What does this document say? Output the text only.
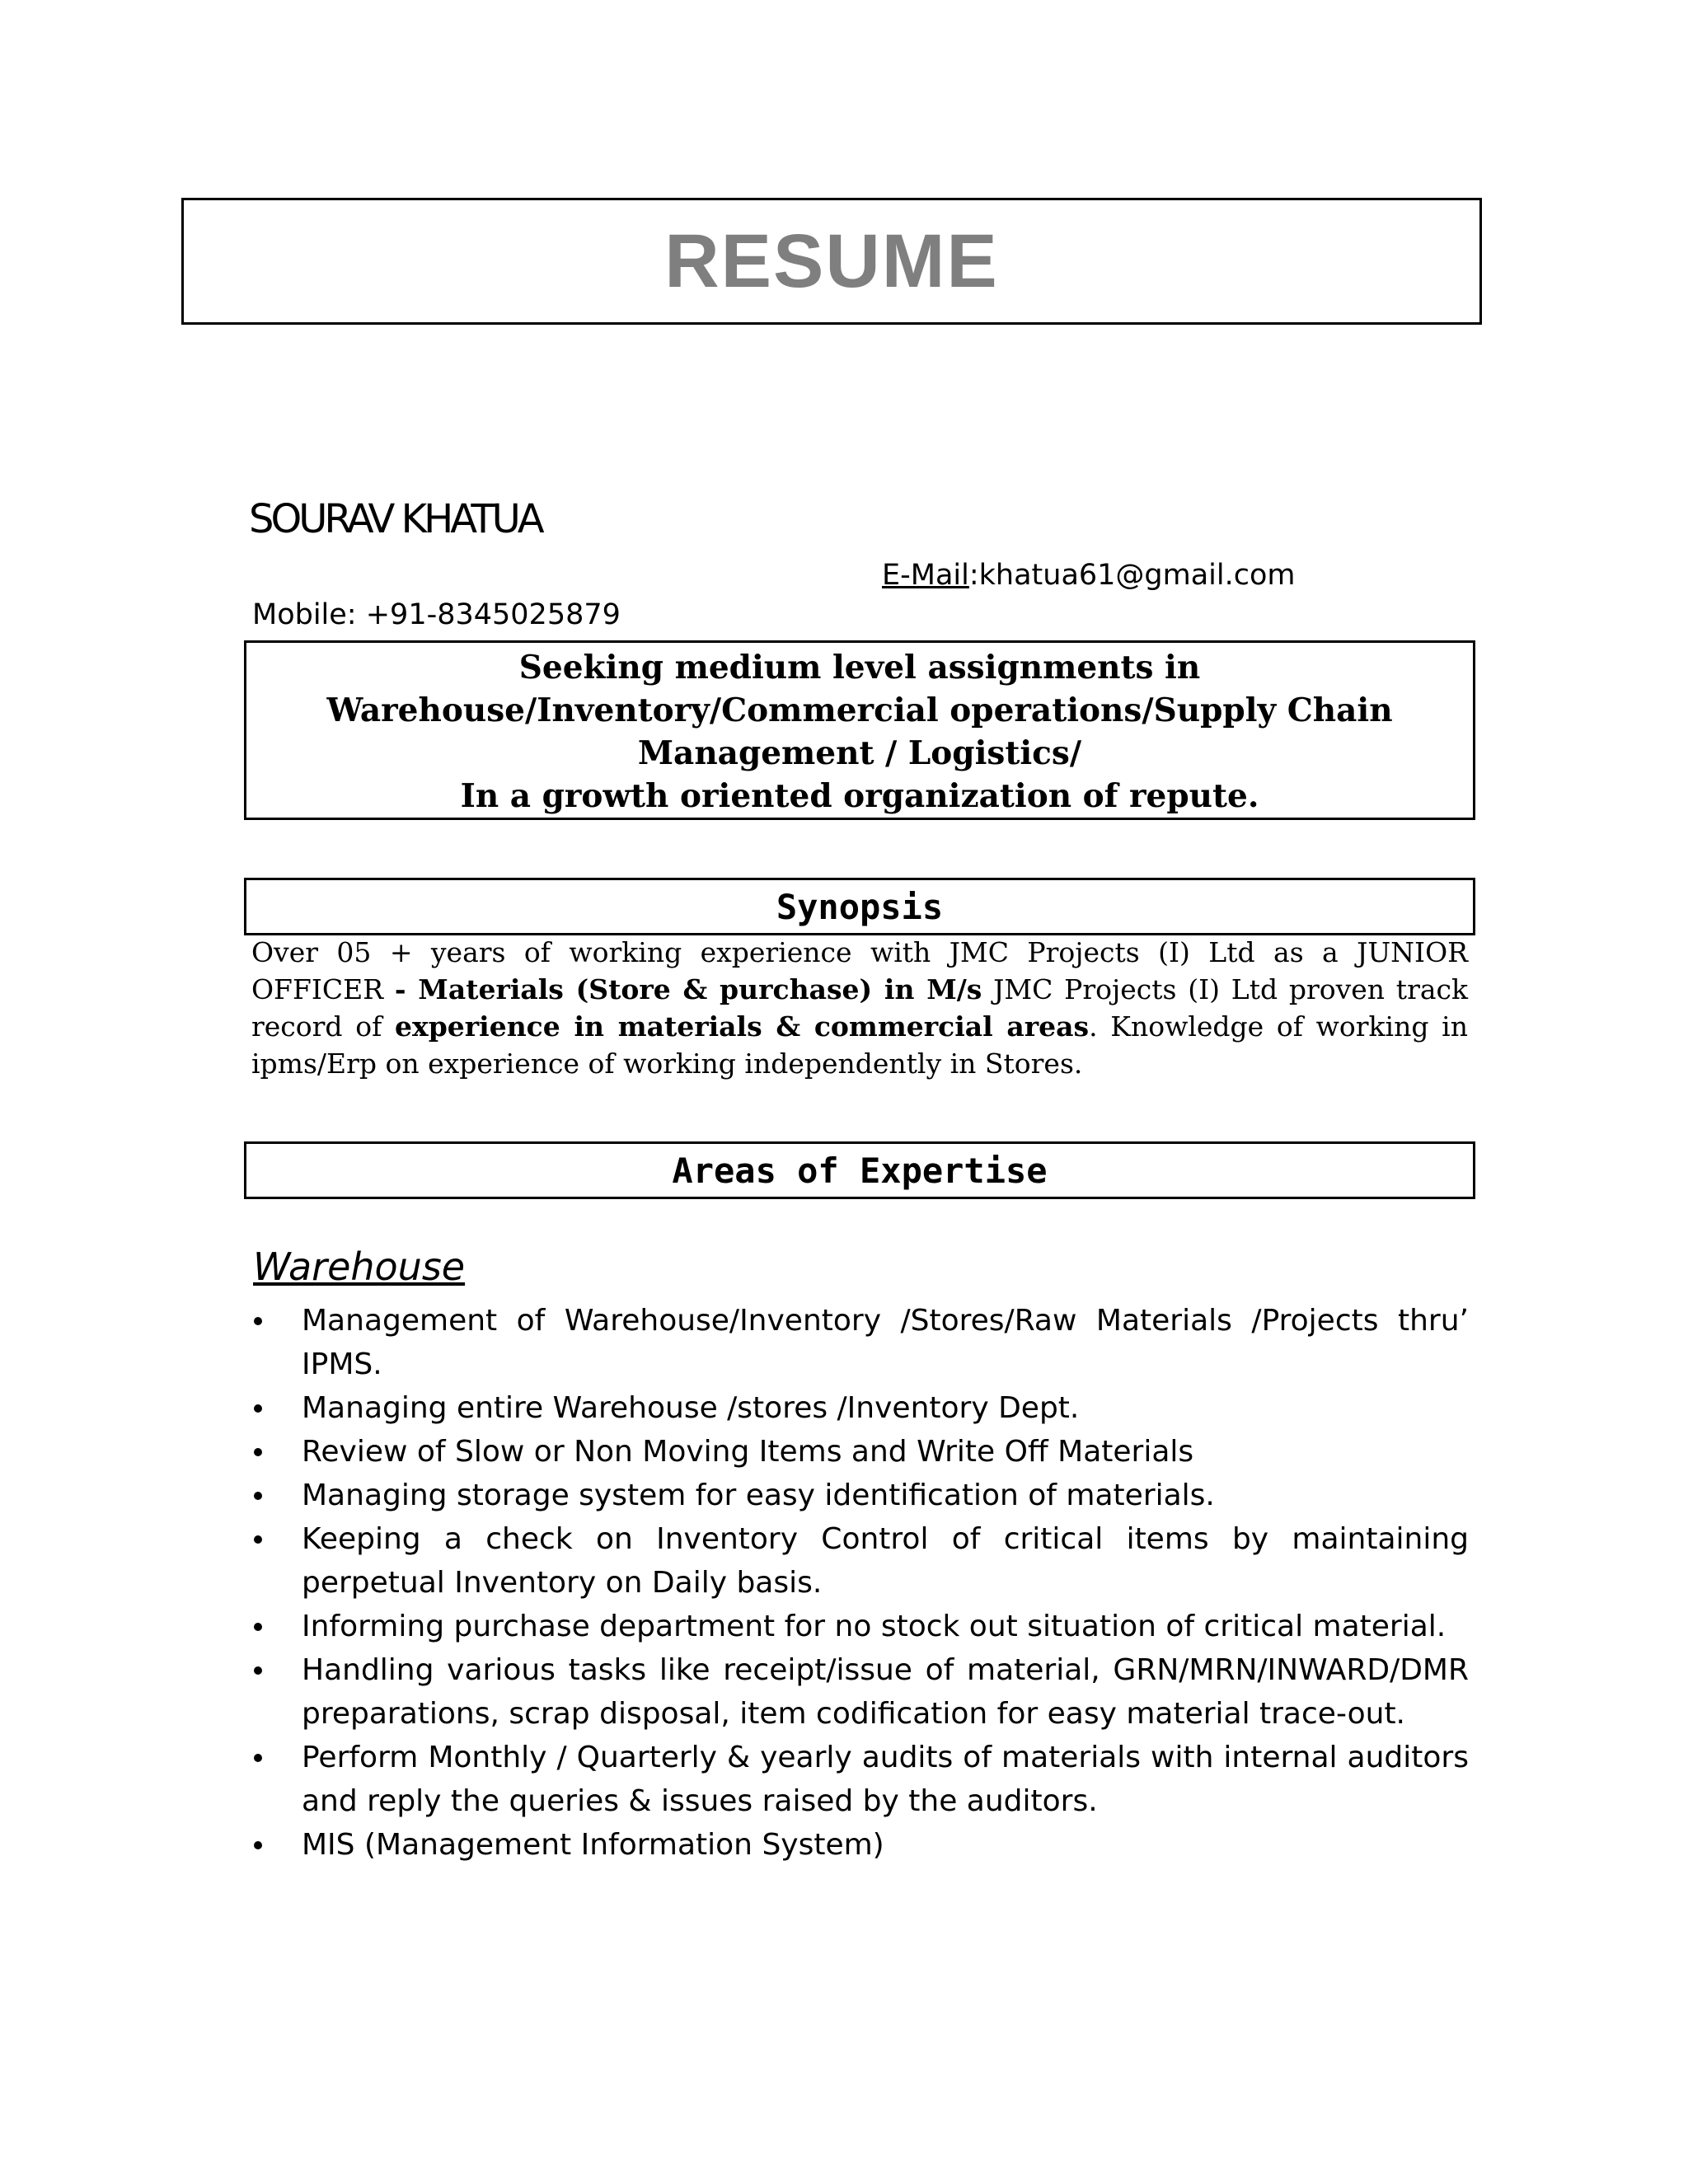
RESUME
SOURAV KHATUA
E-Mail:khatua61@gmail.com
Mobile: +91-8345025879
Seeking medium level assignments in
Warehouse/Inventory/Commercial operations/Supply Chain
Management / Logistics/
In a growth oriented organization of repute.
Synopsis
Over 05 + years of working experience with JMC Projects (I) Ltd as a JUNIOR OFFICER - Materials (Store & purchase) in M/s JMC Projects (I) Ltd proven track record of experience in materials & commercial areas. Knowledge of working in ipms/Erp on experience of working independently in Stores.
Areas of Expertise
Warehouse
Management of Warehouse/Inventory /Stores/Raw Materials /Projects thru’ IPMS.
Managing entire Warehouse /stores /Inventory Dept.
Review of Slow or Non Moving Items and Write Off Materials
Managing storage system for easy identification of materials.
Keeping a check on Inventory Control of critical items by maintaining perpetual Inventory on Daily basis.
Informing purchase department for no stock out situation of critical material.
Handling various tasks like receipt/issue of material, GRN/MRN/INWARD/DMR preparations, scrap disposal, item codification for easy material trace-out.
Perform Monthly / Quarterly & yearly audits of materials with internal auditors and reply the queries & issues raised by the auditors.
MIS (Management Information System)
